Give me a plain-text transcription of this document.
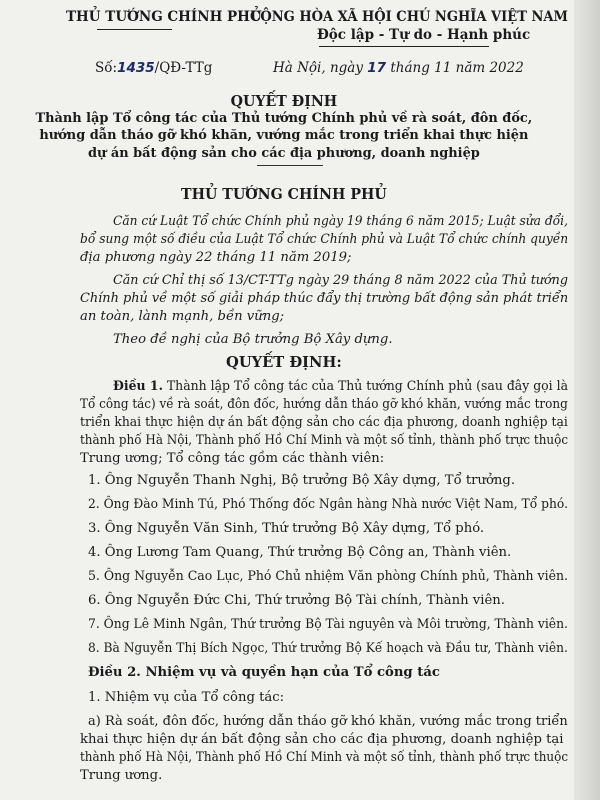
THỦ TƯỚNG CHÍNH PHỦ
CỘNG HÒA XÃ HỘI CHỦ NGHĨA VIỆT NAM
Độc lập - Tự do - Hạnh phúc
Số:1435/QĐ-TTg	Hà Nội, ngày 17 tháng 11 năm 2022
QUYẾT ĐỊNH
Thành lập Tổ công tác của Thủ tướng Chính phủ về rà soát, đôn đốc,
hướng dẫn tháo gỡ khó khăn, vướng mắc trong triển khai thực hiện
dự án bất động sản cho các địa phương, doanh nghiệp
THỦ TƯỚNG CHÍNH PHỦ
Căn cứ Luật Tổ chức Chính phủ ngày 19 tháng 6 năm 2015; Luật sửa đổi,
bổ sung một số điều của Luật Tổ chức Chính phủ và Luật Tổ chức chính quyền
địa phương ngày 22 tháng 11 năm 2019;
Căn cứ Chỉ thị số 13/CT-TTg ngày 29 tháng 8 năm 2022 của Thủ tướng
Chính phủ về một số giải pháp thúc đẩy thị trường bất động sản phát triển
an toàn, lành mạnh, bền vững;
Theo đề nghị của Bộ trưởng Bộ Xây dựng.
QUYẾT ĐỊNH:
Điều 1. Thành lập Tổ công tác của Thủ tướng Chính phủ (sau đây gọi là
Tổ công tác) về rà soát, đôn đốc, hướng dẫn tháo gỡ khó khăn, vướng mắc trong
triển khai thực hiện dự án bất động sản cho các địa phương, doanh nghiệp tại
thành phố Hà Nội, Thành phố Hồ Chí Minh và một số tỉnh, thành phố trực thuộc
Trung ương; Tổ công tác gồm các thành viên:
1. Ông Nguyễn Thanh Nghị, Bộ trưởng Bộ Xây dựng, Tổ trưởng.
2. Ông Đào Minh Tú, Phó Thống đốc Ngân hàng Nhà nước Việt Nam, Tổ phó.
3. Ông Nguyễn Văn Sinh, Thứ trưởng Bộ Xây dựng, Tổ phó.
4. Ông Lương Tam Quang, Thứ trưởng Bộ Công an, Thành viên.
5. Ông Nguyễn Cao Lục, Phó Chủ nhiệm Văn phòng Chính phủ, Thành viên.
6. Ông Nguyễn Đức Chi, Thứ trưởng Bộ Tài chính, Thành viên.
7. Ông Lê Minh Ngân, Thứ trưởng Bộ Tài nguyên và Môi trường, Thành viên.
8. Bà Nguyễn Thị Bích Ngọc, Thứ trưởng Bộ Kế hoạch và Đầu tư, Thành viên.
Điều 2. Nhiệm vụ và quyền hạn của Tổ công tác
1. Nhiệm vụ của Tổ công tác:
a) Rà soát, đôn đốc, hướng dẫn tháo gỡ khó khăn, vướng mắc trong triển
khai thực hiện dự án bất động sản cho các địa phương, doanh nghiệp tại
thành phố Hà Nội, Thành phố Hồ Chí Minh và một số tỉnh, thành phố trực thuộc
Trung ương.
